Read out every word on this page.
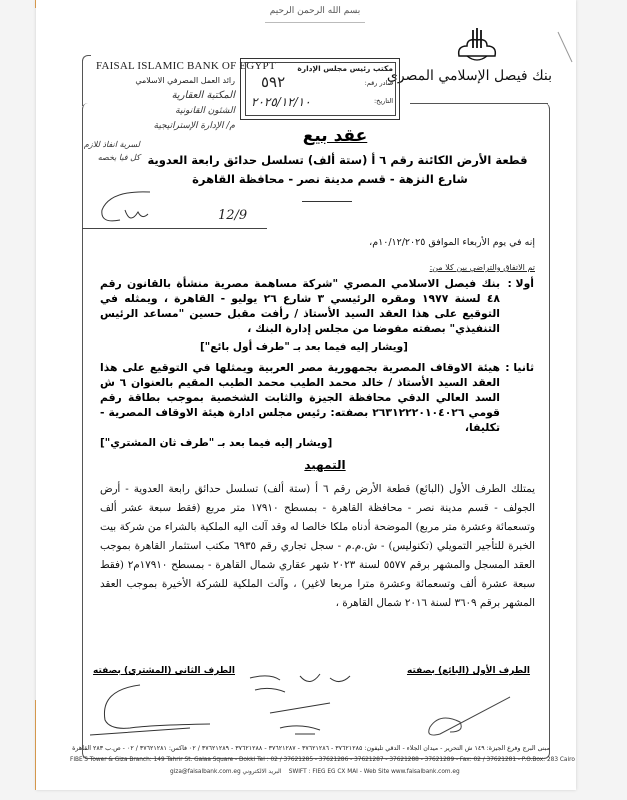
بسم الله الرحمن الرحيم
بنك فيصل الإسلامي المصري
FAISAL ISLAMIC BANK OF EGYPT
رائد العمل المصرفي الاسلامي
المكتبة العقارية
الشئون القانونية
م/ الإدارة الإستراتيجية
لسرية انفاذ للازم
كل فيا يخصه
مكتب رئيس مجلس الإدارة
صادر رقم:
التاريخ:
٥٩٢
٢٠٢٥/١٢/١٠
عقد بيع
قطعة الأرض الكائنة رقم ٦ أ (ستة ألف) تسلسل حدائق رابعة العدوية
شارع النزهة - قسم مدينة نصر - محافظة القاهرة
12/9
إنه في يوم الأربعاء الموافق ١٠/١٢/٢٠٢٥م،
تم الاتفاق والتراضي بين كلا من:
أولا :
بنك فيصل الاسلامي المصري "شركة مساهمة مصرية منشأة بالقانون رقم ٤٨ لسنة ١٩٧٧ ومقره الرئيسي ٣ شارع ٢٦ يوليو - القاهرة ، ويمثله في التوقيع على هذا العقد السيد الأستاذ / رأفت مقبل حسين "مساعد الرئيس التنفيذي" بصفته مفوضا من مجلس إدارة البنك ،
[ويشار إليه فيما بعد بـ "طرف أول بائع"]
ثانيا :
هيئة الاوقاف المصرية بجمهورية مصر العربية ويمثلها في التوقيع على هذا العقد السيد الأستاذ / خالد محمد الطيب محمد الطيب المقيم بالعنوان ٦ ش السد العالي الدقي محافظة الجيزة والثابت الشخصية بموجب بطاقة رقم قومي ٢٦٣١٢٢٢٠١٠٤٠٢٦ بصفته: رئيس مجلس ادارة هيئة الاوقاف المصرية - تكليفا،
[ويشار إليه فيما بعد بـ "طرف ثان المشتري"]
التمهيد
يمتلك الطرف الأول (البائع) قطعة الأرض رقم ٦ أ (ستة ألف) تسلسل حدائق رابعة العدوية - أرض الجولف - قسم مدينة نصر - محافظة القاهرة - بمسطح ١٧٩١٠ متر مربع (فقط سبعة عشر ألف وتسعمائة وعشرة متر مربع) الموضحة أدناه ملكا خالصا له وقد آلت اليه الملكية بالشراء من شركة بيت الخبرة للتأجير التمويلي (تكنوليس) - ش.م.م - سجل تجاري رقم ٦٩٣٥ مكتب استثمار القاهرة بموجب العقد المسجل والمشهر برقم ٥٥٧٧ لسنة ٢٠٢٣ شهر عقاري شمال القاهرة - بمسطح ١٧٩١٠م٢ (فقط سبعة عشرة ألف وتسعمائة وعشرة مترا مربعا لاغير) ، وآلت الملكية للشركة الأخيرة بموجب العقد المشهر برقم ٣٦٠٩ لسنة ٢٠١٦ شمال القاهرة ،
الطرف الأول (البائع) بصفته
الطرف الثاني (المشتري) بصفته
مبنى البرج وفرع الجيزة: ١٤٩ ش التحرير - ميدان الجلاء - الدقي تليفون: ٣٧٦٢١٢٨٥ - ٣٧٦٢١٢٨٦ - ٣٧٦٢١٢٨٧ - ٣٧٦٢١٢٨٨ - ٣٧٦٢١٢٨٩ / ٠٢ فاكس: ٣٧٦٢١٢٨١ / ٠٢ - ص.ب ٢٨٣ القاهرة
FIBE'S Tower & Giza Branch: 149 Tahrir St. Galaa Square - Dokki Tel : 02 / 37621285 - 37621286 - 37621287 - 37621288 - 37621289 - Fax: 02 / 37621281 - P.O.Box: 283 Cairo
giza@faisalbank.com.eg البريد الالكتروني SWIFT : FIEG EG CX MAI - Web Site www.faisalbank.com.eg
